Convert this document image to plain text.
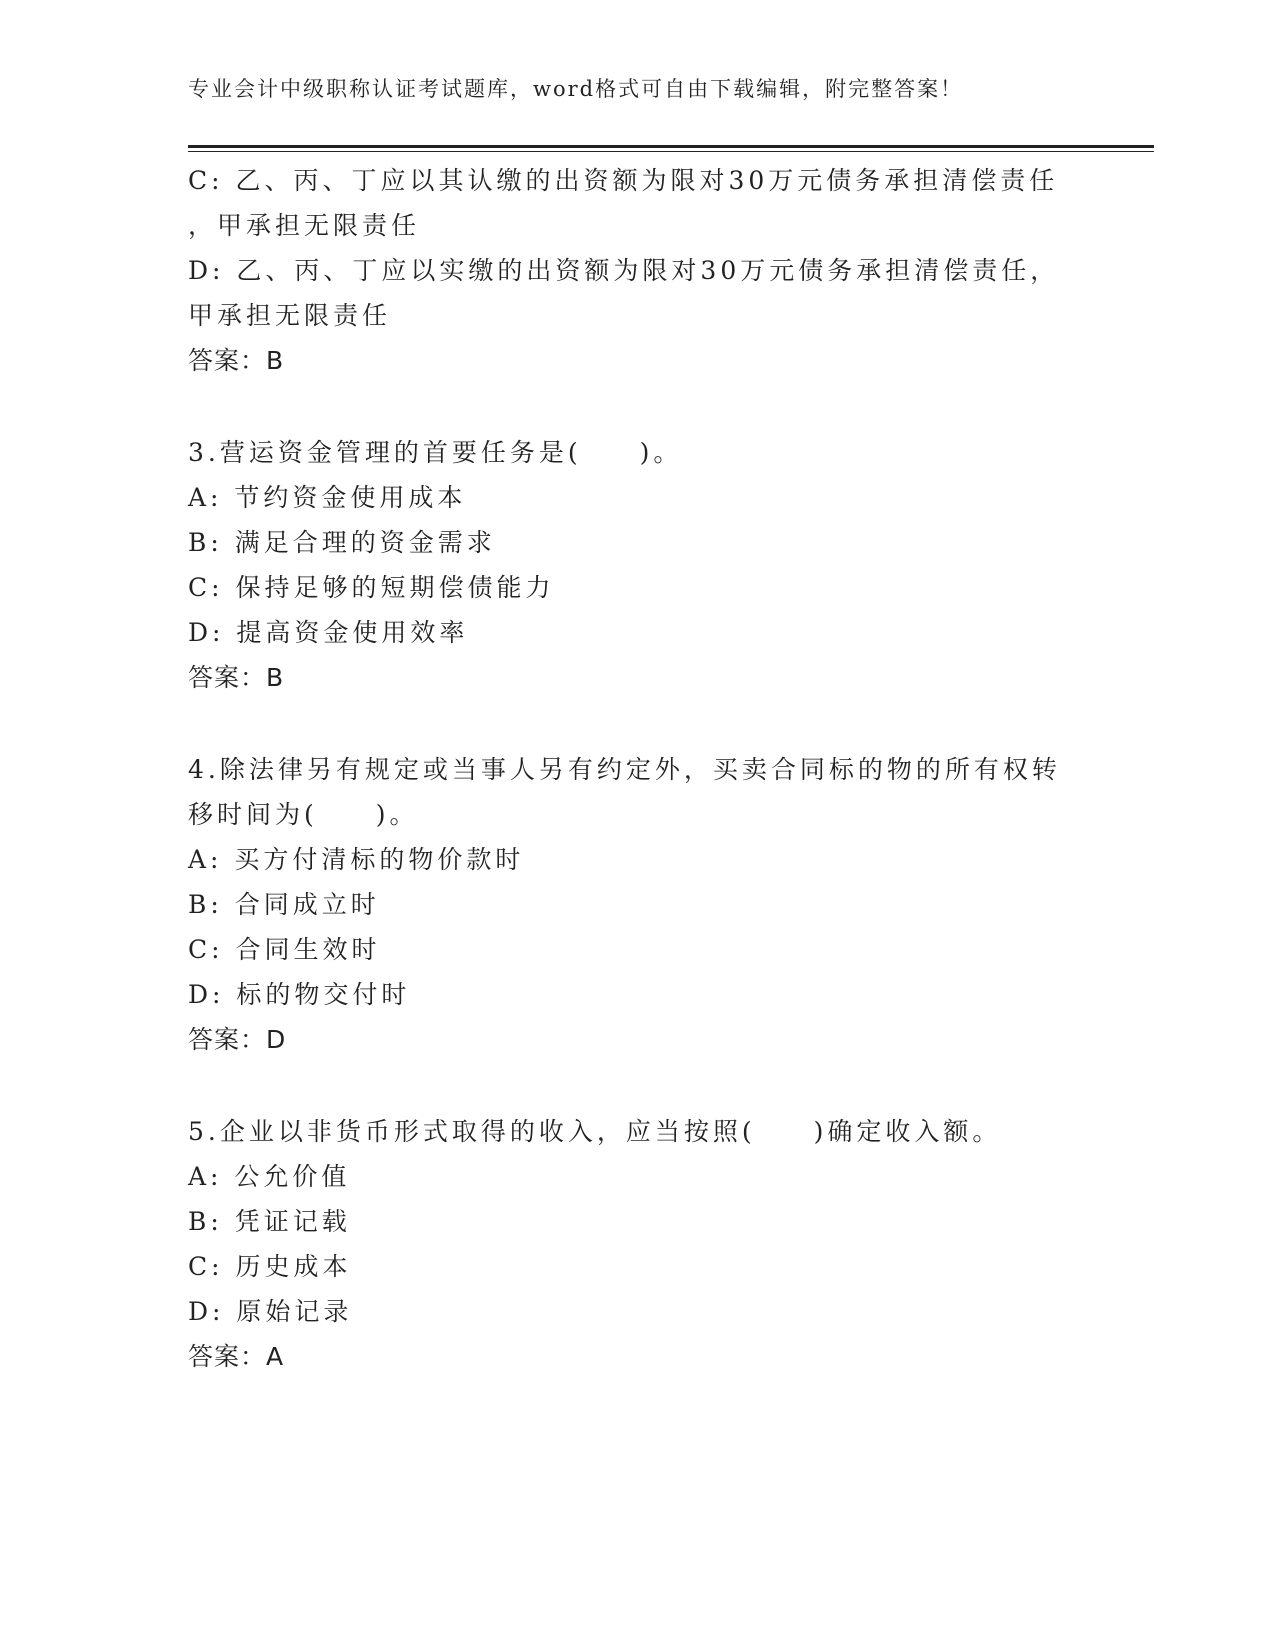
专业会计中级职称认证考试题库，word格式可自由下载编辑，附完整答案！
C: 乙、丙、丁应以其认缴的出资额为限对30万元债务承担清偿责任
，甲承担无限责任
D: 乙、丙、丁应以实缴的出资额为限对30万元债务承担清偿责任，
甲承担无限责任
答案：B
3.营运资金管理的首要任务是(　　)。
A: 节约资金使用成本
B: 满足合理的资金需求
C: 保持足够的短期偿债能力
D: 提高资金使用效率
答案：B
4.除法律另有规定或当事人另有约定外，买卖合同标的物的所有权转
移时间为(　　)。
A: 买方付清标的物价款时
B: 合同成立时
C: 合同生效时
D: 标的物交付时
答案：D
5.企业以非货币形式取得的收入，应当按照(　　)确定收入额。
A: 公允价值
B: 凭证记载
C: 历史成本
D: 原始记录
答案：A
